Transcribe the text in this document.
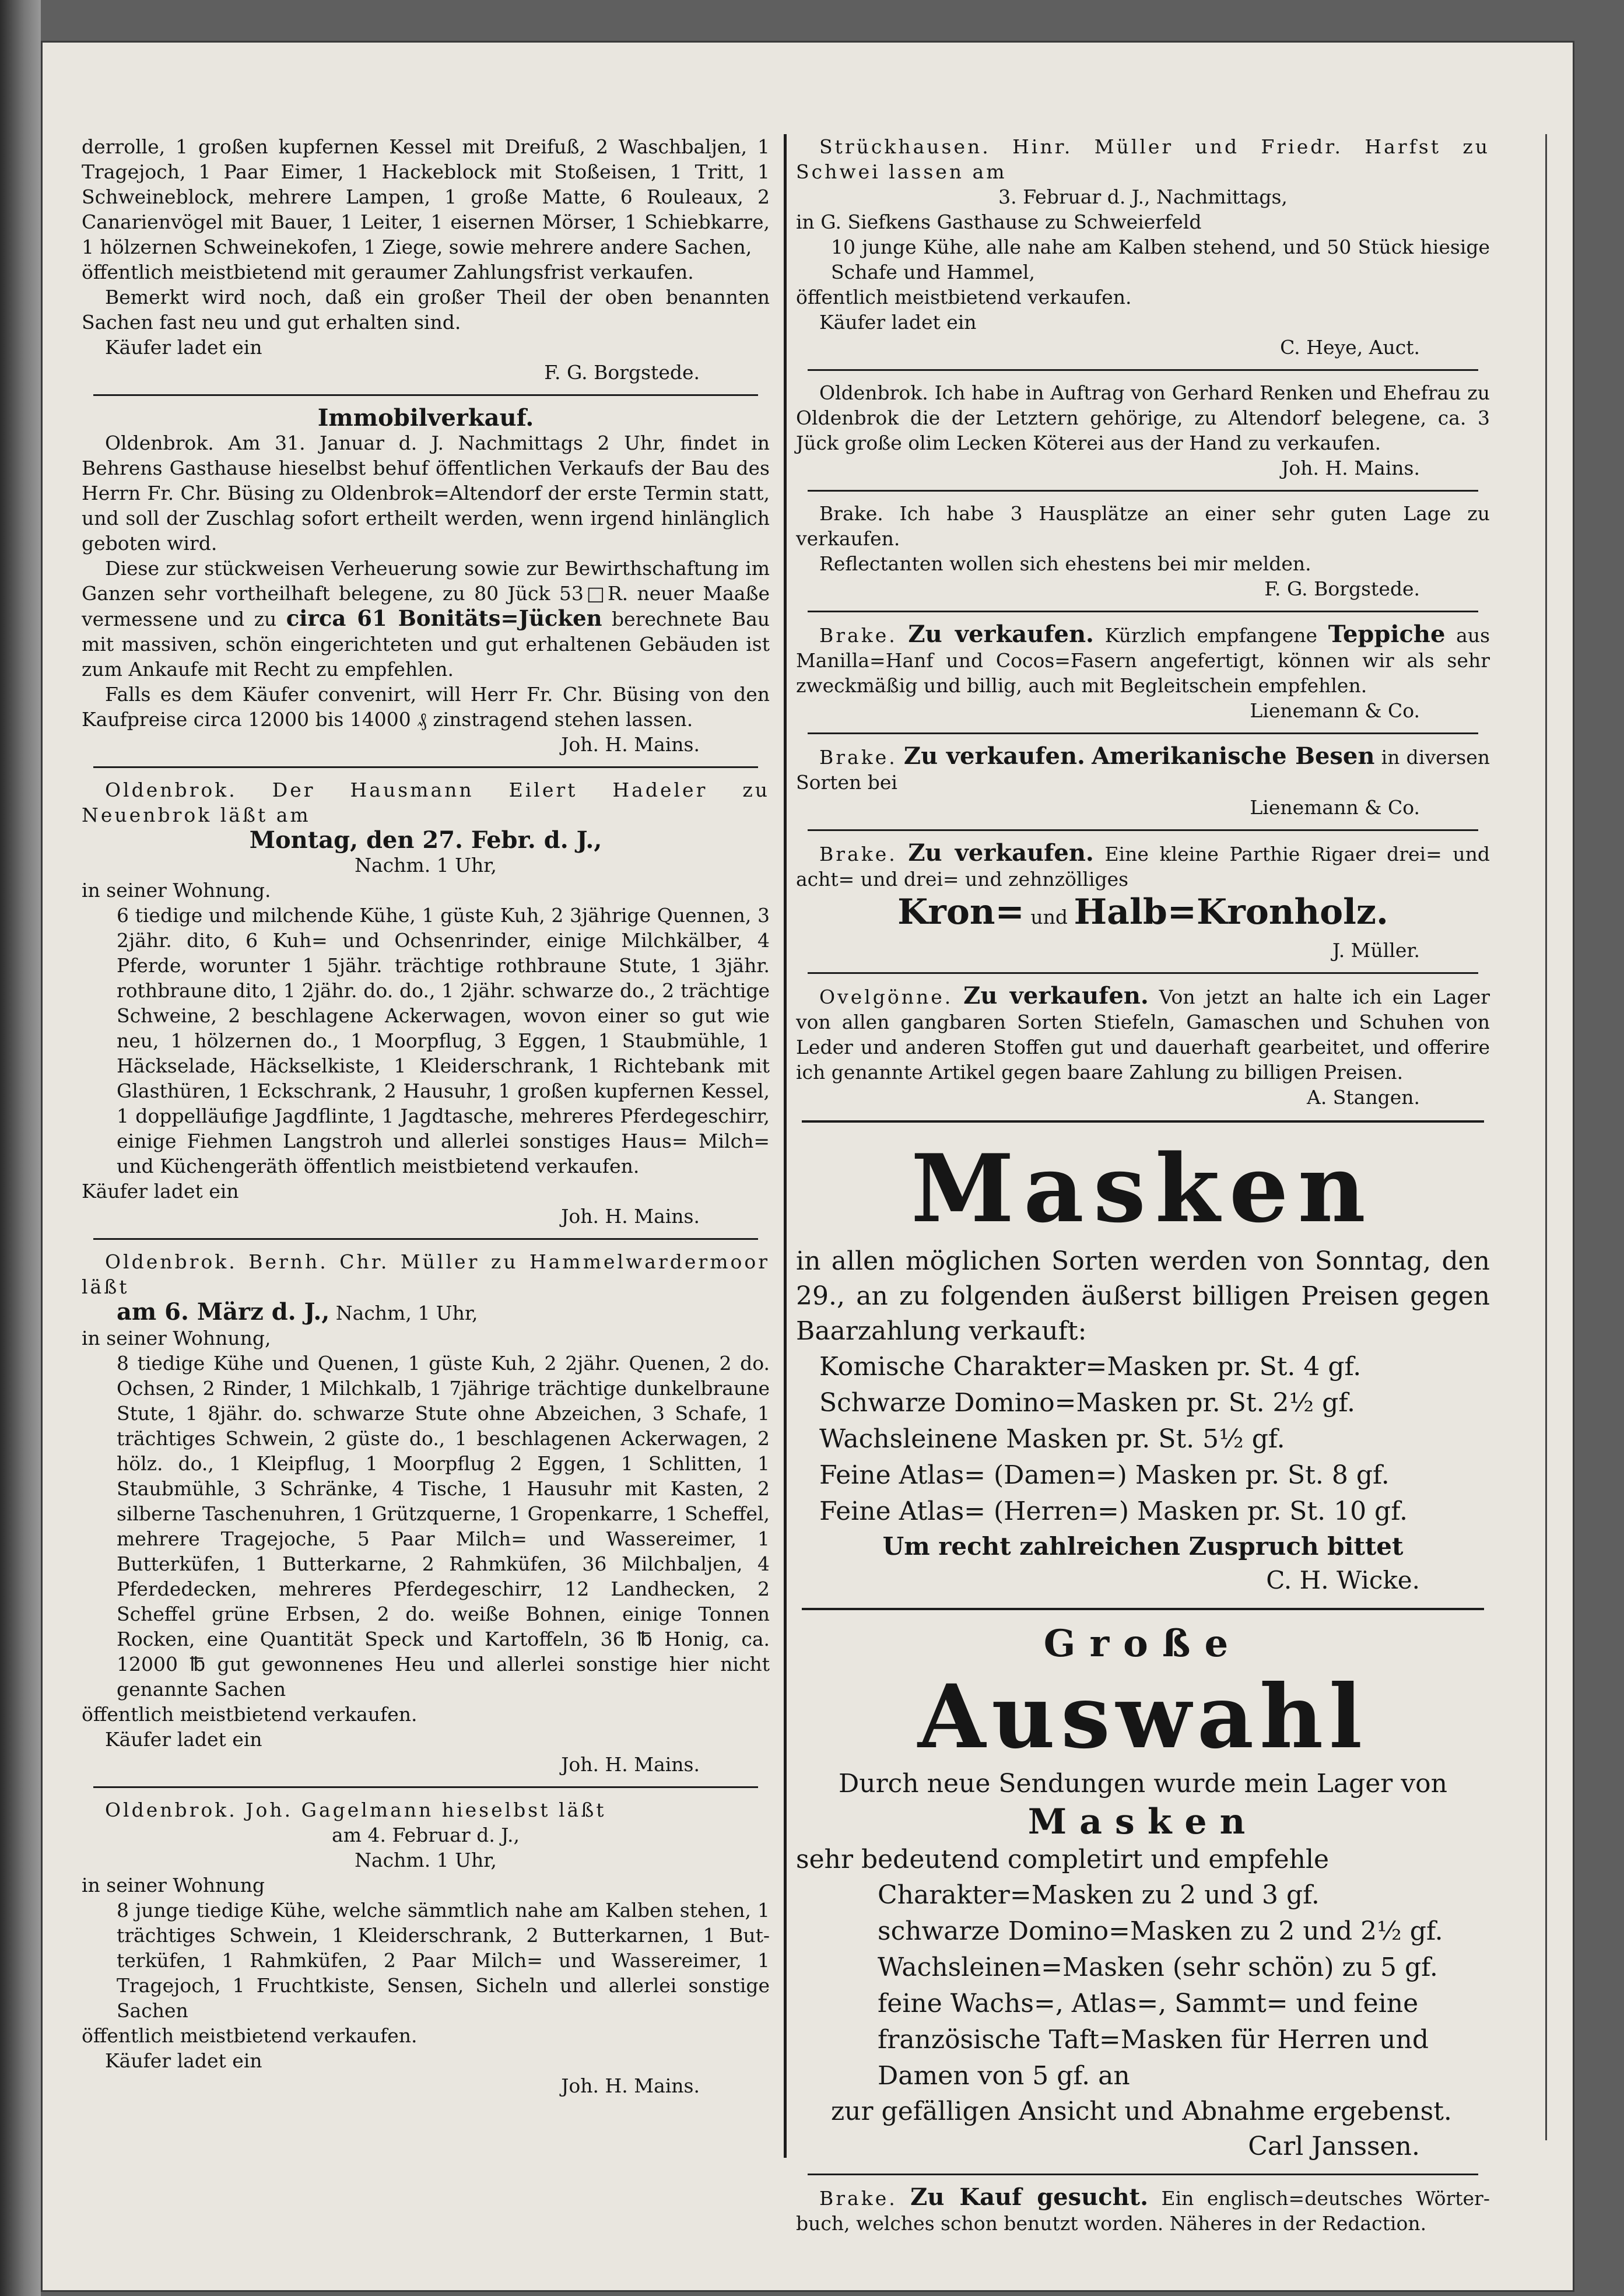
derrolle, 1 großen kupfernen Kessel mit Dreifuß, 2 Waschbaljen, 1 Tragejoch, 1 Paar Eimer, 1 Hackeblock mit Stoßeisen, 1 Tritt, 1 Schweineblock, mehrere Lampen, 1 große Matte, 6 Rouleaux, 2 Canarienvögel mit Bauer, 1 Leiter, 1 eisernen Mörser, 1 Schiebkarre, 1 hölzernen Schweinekofen, 1 Ziege, sowie mehrere andere Sachen,

öffentlich meistbietend mit geraumer Zahlungsfrist verkaufen.

Bemerkt wird noch, daß ein großer Theil der oben benannten Sachen fast neu und gut erhalten sind.

Käufer ladet ein

F. G. Borgstede.

Immobilverkauf.

Oldenbrok. Am 31. Januar d. J. Nachmittags 2 Uhr, findet in Behrens Gasthause hieselbst behuf öffentlichen Verkaufs der Bau des Herrn Fr. Chr. Büsing zu Oldenbrok=Altendorf der erste Termin statt, und soll der Zuschlag sofort ertheilt werden, wenn irgend hinlänglich geboten wird.

Diese zur stückweisen Verheuerung sowie zur Bewirthschaftung im Ganzen sehr vortheilhaft belegene, zu 80 Jück 53□R. neuer Maaße vermessene und zu circa 61 Bonitäts=Jücken berechnete Bau mit massiven, schön eingerichteten und gut erhaltenen Gebäuden ist zum Ankaufe mit Recht zu empfehlen.

Falls es dem Käufer convenirt, will Herr Fr. Chr. Büsing von den Kaufpreise circa 12000 bis 14000 ₰ zinstragend stehen lassen.

Joh. H. Mains.

Oldenbrok. Der Hausmann Eilert Hadeler zu Neuenbrok läßt am

Montag, den 27. Febr. d. J.,

Nachm. 1 Uhr,

in seiner Wohnung.

6 tiedige und milchende Kühe, 1 güste Kuh, 2 3jährige Quennen, 3 2jähr. dito, 6 Kuh= und Ochsenrinder, einige Milchkälber, 4 Pferde, worunter 1 5jähr. trächtige rothbraune Stute, 1 3jähr. rothbraune dito, 1 2jähr. do. do., 1 2jähr. schwarze do., 2 trächtige Schweine, 2 beschlagene Ackerwagen, wovon einer so gut wie neu, 1 hölzernen do., 1 Moorpflug, 3 Eggen, 1 Staubmühle, 1 Häckselade, Häckselkiste, 1 Kleiderschrank, 1 Richtebank mit Glasthüren, 1 Eckschrank, 2 Hausuhr, 1 großen kupfernen Kessel, 1 doppelläufige Jagdflinte, 1 Jagdtasche, mehreres Pferdegeschirr, einige Fiehmen Langstroh und allerlei sonstiges Haus= Milch= und Küchengeräth öffentlich meistbietend verkaufen.

Käufer ladet ein

Joh. H. Mains.

Oldenbrok. Bernh. Chr. Müller zu Hammelwardermoor läßt

am 6. März d. J., Nachm, 1 Uhr,

in seiner Wohnung,

8 tiedige Kühe und Quenen, 1 güste Kuh, 2 2jähr. Quenen, 2 do. Ochsen, 2 Rinder, 1 Milchkalb, 1 7jährige trächtige dunkelbraune Stute, 1 8jähr. do. schwarze Stute ohne Abzeichen, 3 Schafe, 1 trächtiges Schwein, 2 güste do., 1 beschlagenen Ackerwagen, 2 hölz. do., 1 Kleipflug, 1 Moorpflug 2 Eggen, 1 Schlitten, 1 Staubmühle, 3 Schränke, 4 Tische, 1 Hausuhr mit Kasten, 2 silberne Taschenuhren, 1 Grützquerne, 1 Gropenkarre, 1 Scheffel, mehrere Tragejoche, 5 Paar Milch= und Wassereimer, 1 Butterküfen, 1 Butterkarne, 2 Rahmküfen, 36 Milchbaljen, 4 Pferdedecken, mehreres Pferdegeschirr, 12 Landhecken, 2 Scheffel grüne Erbsen, 2 do. weiße Bohnen, einige Tonnen Rocken, eine Quantität Speck und Kartoffeln, 36 ℔ Honig, ca. 12000 ℔ gut gewonnenes Heu und allerlei sonstige hier nicht genannte Sachen

öffentlich meistbietend verkaufen.

Käufer ladet ein

Joh. H. Mains.

Oldenbrok. Joh. Gagelmann hieselbst läßt

am 4. Februar d. J.,

Nachm. 1 Uhr,

in seiner Wohnung

8 junge tiedige Kühe, welche sämmtlich nahe am Kalben stehen, 1 trächtiges Schwein, 1 Kleiderschrank, 2 Butterkarnen, 1 Butterküfen, 1 Rahmküfen, 2 Paar Milch= und Wassereimer, 1 Tragejoch, 1 Fruchtkiste, Sensen, Sicheln und allerlei sonstige Sachen

öffentlich meistbietend verkaufen.

Käufer ladet ein

Joh. H. Mains.

Strückhausen. Hinr. Müller und Friedr. Harfst zu Schwei lassen am

3. Februar d. J., Nachmittags,

in G. Siefkens Gasthause zu Schweierfeld

10 junge Kühe, alle nahe am Kalben stehend, und 50 Stück hiesige Schafe und Hammel,

öffentlich meistbietend verkaufen.

Käufer ladet ein

C. Heye, Auct.

Oldenbrok. Ich habe in Auftrag von Gerhard Renken und Ehefrau zu Oldenbrok die der Letztern gehörige, zu Altendorf belegene, ca. 3 Jück große olim Lecken Köterei aus der Hand zu verkaufen.

Joh. H. Mains.

Brake. Ich habe 3 Hausplätze an einer sehr guten Lage zu verkaufen.

Reflectanten wollen sich ehestens bei mir melden.

F. G. Borgstede.

Brake. Zu verkaufen. Kürzlich empfangene Teppiche aus Manilla=Hanf und Cocos=Fasern angefertigt, können wir als sehr zweckmäßig und billig, auch mit Begleitschein empfehlen.

Lienemann & Co.

Brake. Zu verkaufen. Amerikanische Besen in diversen Sorten bei

Lienemann & Co.

Brake. Zu verkaufen. Eine kleine Parthie Rigaer drei= und acht= und drei= und zehnzölliges

Kron= und Halb=Kronholz.

J. Müller.

Ovelgönne. Zu verkaufen. Von jetzt an halte ich ein Lager von allen gangbaren Sorten Stiefeln, Gamaschen und Schuhen von Leder und anderen Stoffen gut und dauerhaft gearbeitet, und offerire ich genannte Artikel gegen baare Zahlung zu billigen Preisen.

A. Stangen.

Masken

in allen möglichen Sorten werden von Sonntag, den 29., an zu folgenden äußerst billigen Preisen gegen Baarzahlung verkauft:

Komische Charakter=Masken pr. St. 4 gf.

Schwarze Domino=Masken pr. St. 2½ gf.

Wachsleinene Masken pr. St. 5½ gf.

Feine Atlas= (Damen=) Masken pr. St. 8 gf.

Feine Atlas= (Herren=) Masken pr. St. 10 gf.

Um recht zahlreichen Zuspruch bittet

C. H. Wicke.

Große

Auswahl

Durch neue Sendungen wurde mein Lager von

Masken

sehr bedeutend completirt und empfehle

Charakter=Masken zu 2 und 3 gf.

schwarze Domino=Masken zu 2 und 2½ gf.

Wachsleinen=Masken (sehr schön) zu 5 gf.

feine Wachs=, Atlas=, Sammt= und feine französische Taft=Masken für Herren und Damen von 5 gf. an

zur gefälligen Ansicht und Abnahme ergebenst.

Carl Janssen.

Brake. Zu Kauf gesucht. Ein englisch=deutsches Wörterbuch, welches schon benutzt worden. Näheres in der Redaction.
